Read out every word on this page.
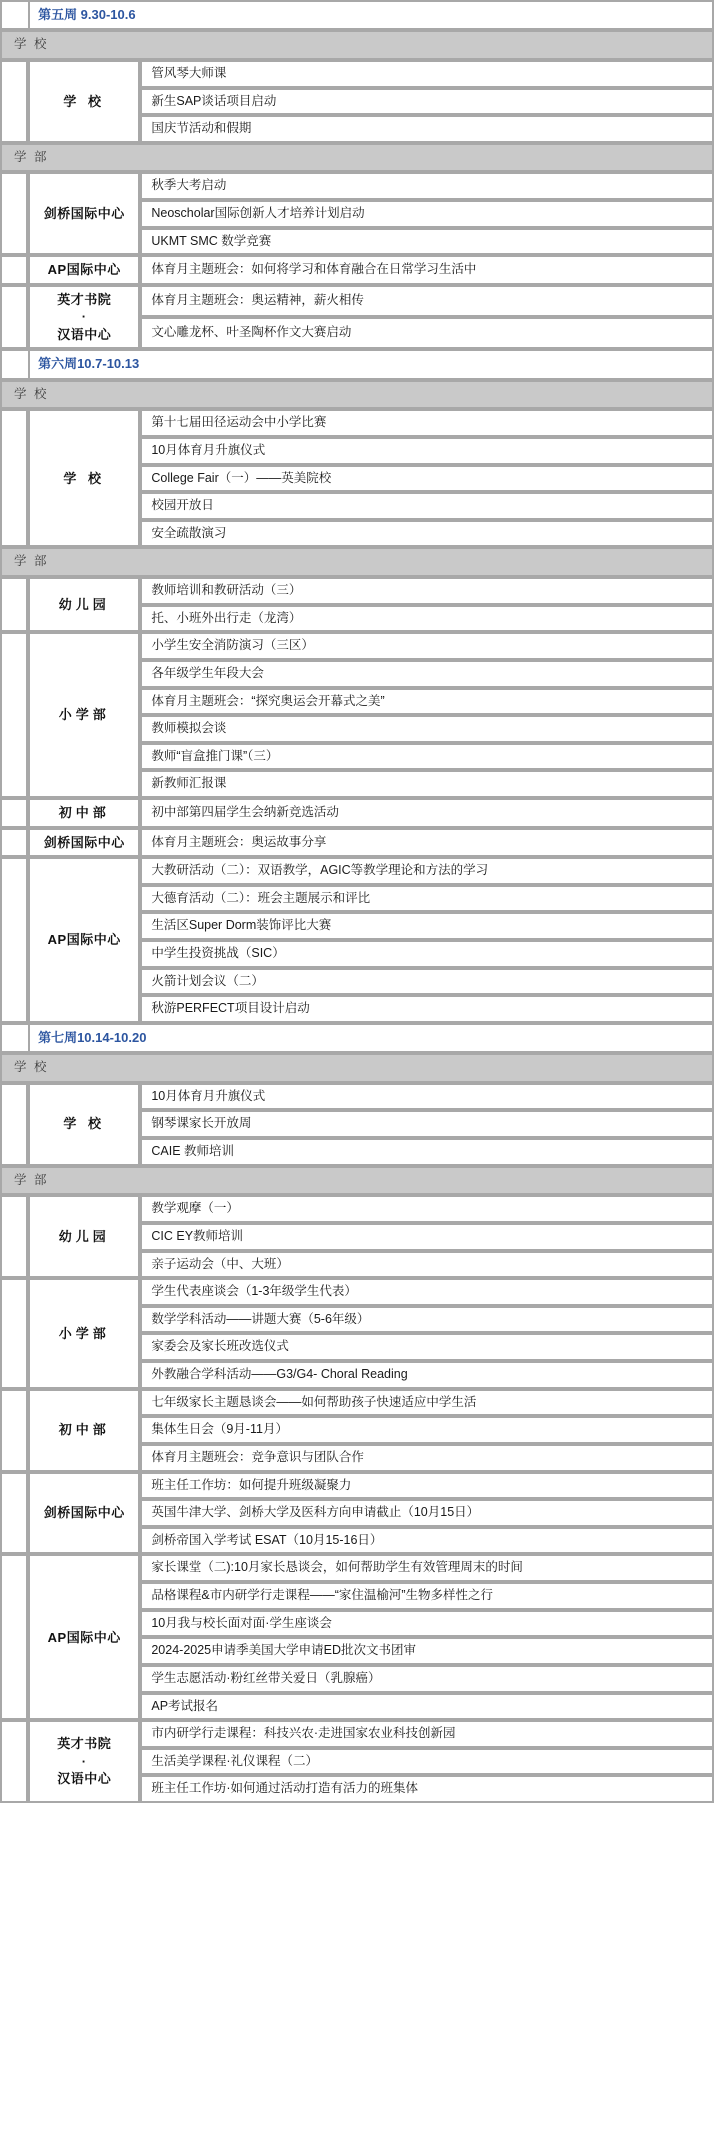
	第五周 9.30-10.6	
学 校		
	学 校	管风琴大师课
		新生SAP谈话项目启动
		国庆节活动和假期
学 部		
	剑桥国际中心	秋季大考启动
		Neoscholar国际创新人才培养计划启动
		UKMT SMC 数学竞赛
	AP国际中心	体育月主题班会：如何将学习和体育融合在日常学习生活中
	英才书院
·
汉语中心	体育月主题班会：奥运精神，薪火相传
		文心雕龙杯、叶圣陶杯作文大赛启动
	第六周10.7-10.13	
学 校		
	学 校	第十七届田径运动会中小学比赛
		10月体育月升旗仪式
		College Fair（一）——英美院校
		校园开放日
		安全疏散演习
学 部		
	幼儿园	教师培训和教研活动（三）
		托、小班外出行走（龙湾）
	小学部	小学生安全消防演习（三区）
		各年级学生年段大会
		体育月主题班会：“探究奥运会开幕式之美”
		教师模拟会谈
		教师“盲盒推门课”（三）
		新教师汇报课
	初中部	初中部第四届学生会纳新竞选活动
	剑桥国际中心	体育月主题班会：奥运故事分享
	AP国际中心	大教研活动（二）：双语教学，AGIC等教学理论和方法的学习
		大德育活动（二）：班会主题展示和评比
		生活区Super Dorm装饰评比大赛
		中学生投资挑战（SIC）
		火箭计划会议（二）
		秋游PERFECT项目设计启动
	第七周10.14-10.20	
学 校		
	学 校	10月体育月升旗仪式
		钢琴课家长开放周
		CAIE 教师培训
学 部		
	幼儿园	教学观摩（一）
		CIC EY教师培训
		亲子运动会（中、大班）
	小学部	学生代表座谈会（1-3年级学生代表）
		数学学科活动——讲题大赛（5-6年级）
		家委会及家长班改选仪式
		外教融合学科活动——G3/G4- Choral Reading
	初中部	七年级家长主题恳谈会——如何帮助孩子快速适应中学生活
		集体生日会（9月-11月）
		体育月主题班会：竞争意识与团队合作
	剑桥国际中心	班主任工作坊：如何提升班级凝聚力
		英国牛津大学、剑桥大学及医科方向申请截止（10月15日）
		剑桥帝国入学考试 ESAT（10月15-16日）
	AP国际中心	家长课堂（二):10月家长恳谈会，如何帮助学生有效管理周末的时间
		品格课程&市内研学行走课程——“家住温榆河”生物多样性之行
		10月我与校长面对面·学生座谈会
		2024-2025申请季美国大学申请ED批次文书团审
		学生志愿活动·粉红丝带关爱日（乳腺癌）
		AP考试报名
	英才书院
·
汉语中心	市内研学行走课程：科技兴农·走进国家农业科技创新园
		生活美学课程·礼仪课程（二）
		班主任工作坊·如何通过活动打造有活力的班集体
